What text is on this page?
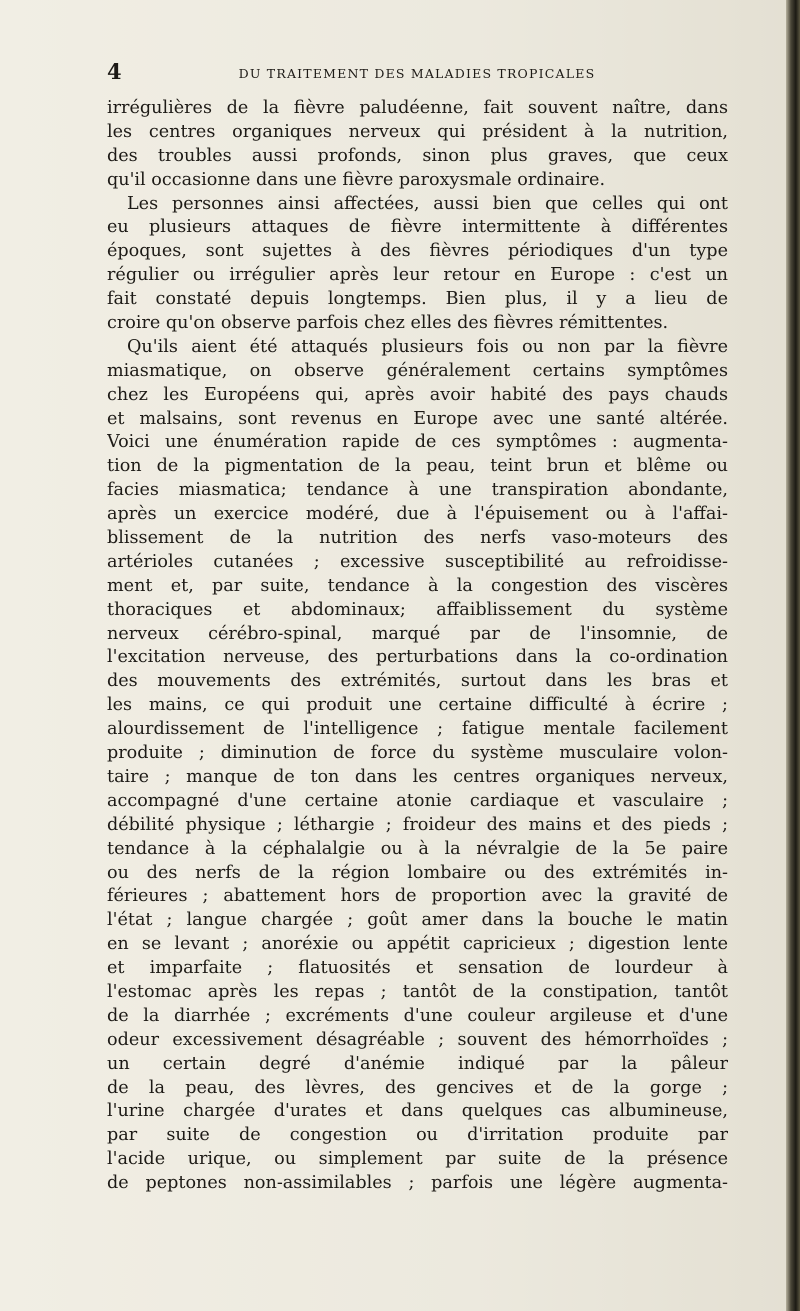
4	DU TRAITEMENT DES MALADIES TROPICALES
irrégulières de la fièvre paludéenne, fait souvent naître, dans
les centres organiques nerveux qui président à la nutrition,
des troubles aussi profonds, sinon plus graves, que ceux
qu'il occasionne dans une fièvre paroxysmale ordinaire.
Les personnes ainsi affectées, aussi bien que celles qui ont
eu plusieurs attaques de fièvre intermittente à différentes
époques, sont sujettes à des fièvres périodiques d'un type
régulier ou irrégulier après leur retour en Europe : c'est un
fait constaté depuis longtemps. Bien plus, il y a lieu de
croire qu'on observe parfois chez elles des fièvres rémittentes.
Qu'ils aient été attaqués plusieurs fois ou non par la fièvre
miasmatique, on observe généralement certains symptômes
chez les Européens qui, après avoir habité des pays chauds
et malsains, sont revenus en Europe avec une santé altérée.
Voici une énumération rapide de ces symptômes : augmenta-
tion de la pigmentation de la peau, teint brun et blême ou
facies miasmatica; tendance à une transpiration abondante,
après un exercice modéré, due à l'épuisement ou à l'affai-
blissement de la nutrition des nerfs vaso-moteurs des
artérioles cutanées ; excessive susceptibilité au refroidisse-
ment et, par suite, tendance à la congestion des viscères
thoraciques et abdominaux; affaiblissement du système
nerveux cérébro-spinal, marqué par de l'insomnie, de
l'excitation nerveuse, des perturbations dans la co-ordination
des mouvements des extrémités, surtout dans les bras et
les mains, ce qui produit une certaine difficulté à écrire ;
alourdissement de l'intelligence ; fatigue mentale facilement
produite ; diminution de force du système musculaire volon-
taire ; manque de ton dans les centres organiques nerveux,
accompagné d'une certaine atonie cardiaque et vasculaire ;
débilité physique ; léthargie ; froideur des mains et des pieds ;
tendance à la céphalalgie ou à la névralgie de la 5e paire
ou des nerfs de la région lombaire ou des extrémités in-
férieures ; abattement hors de proportion avec la gravité de
l'état ; langue chargée ; goût amer dans la bouche le matin
en se levant ; anoréxie ou appétit capricieux ; digestion lente
et imparfaite ; flatuosités et sensation de lourdeur à
l'estomac après les repas ; tantôt de la constipation, tantôt
de la diarrhée ; excréments d'une couleur argileuse et d'une
odeur excessivement désagréable ; souvent des hémorrhoïdes ;
un certain degré d'anémie indiqué par la pâleur
de la peau, des lèvres, des gencives et de la gorge ;
l'urine chargée d'urates et dans quelques cas albumineuse,
par suite de congestion ou d'irritation produite par
l'acide urique, ou simplement par suite de la présence
de peptones non-assimilables ; parfois une légère augmenta-
